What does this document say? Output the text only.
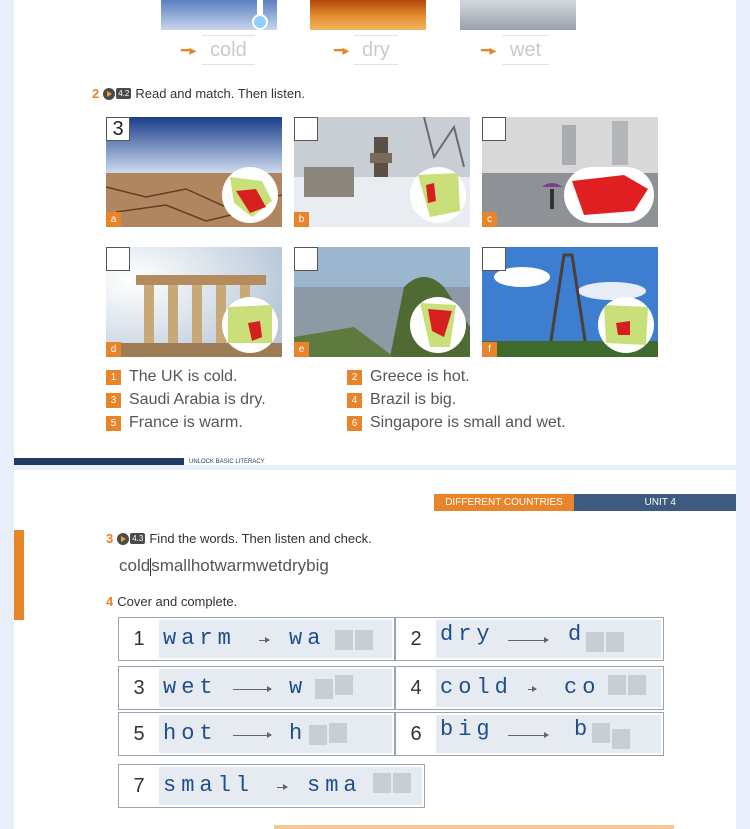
━▸ cold	━▸ dry	━▸ wet
2 4.2 Read and match. Then listen.
3
a	b	c
d	e	f
1 The UK is cold.	2 Greece is hot.
3 Saudi Arabia is dry.	4 Brazil is big.
5 France is warm.	6 Singapore is small and wet.
UNLOCK BASIC LITERACY
DIFFERENT COUNTRIES	UNIT 4
3 4.3 Find the words. Then listen and check.
coldsmallhotwarmwetdrybig
4 Cover and complete.
1 warm wa	2 dry	d
3 wet	w	4 cold co
5 hot	h	6 big	b
7 small sma
